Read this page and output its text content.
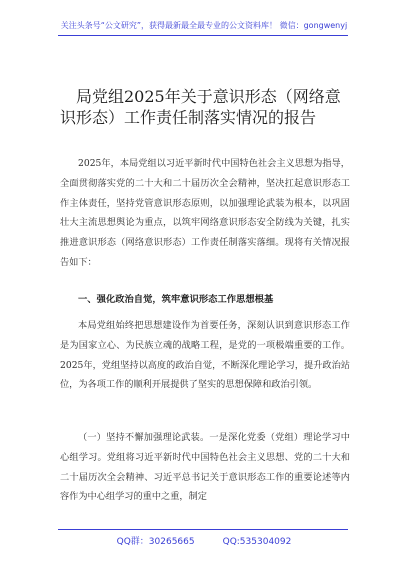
关注头条号“公文研究”，获得最新最全最专业的公文资料库！ 微信：gongwenyj
局党组2025年关于意识形态（网络意识形态）工作责任制落实情况的报告

2025年，本局党组以习近平新时代中国特色社会主义思想为指导，全面贯彻落实党的二十大和二十届历次全会精神，坚决扛起意识形态工作主体责任，坚持党管意识形态原则，以加强理论武装为根本，以巩固壮大主流思想舆论为重点，以筑牢网络意识形态安全防线为关键，扎实推进意识形态（网络意识形态）工作责任制落实落细。现将有关情况报告如下：

一、强化政治自觉，筑牢意识形态工作思想根基

本局党组始终把思想建设作为首要任务，深刻认识到意识形态工作是为国家立心、为民族立魂的战略工程，是党的一项极端重要的工作。2025年，党组坚持以高度的政治自觉，不断深化理论学习，提升政治站位，为各项工作的顺利开展提供了坚实的思想保障和政治引领。

（一）坚持不懈加强理论武装。一是深化党委（党组）理论学习中心组学习。党组将习近平新时代中国特色社会主义思想、党的二十大和二十届历次全会精神、习近平总书记关于意识形态工作的重要论述等内容作为中心组学习的重中之重，制定

QQ群：30265665	QQ:535304092
